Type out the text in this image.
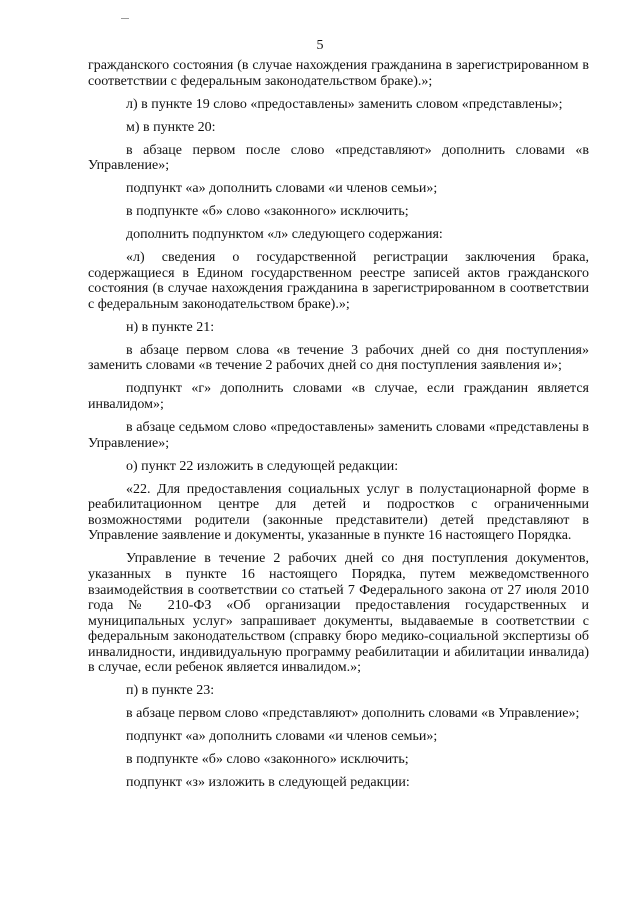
5

гражданского состояния (в случае нахождения гражданина в зарегистрированном в соответствии с федеральным законодательством браке).»;

л) в пункте 19 слово «предоставлены» заменить словом «представлены»;

м) в пункте 20:

в абзаце первом после слово «представляют» дополнить словами «в Управление»;

подпункт «а» дополнить словами «и членов семьи»;

в подпункте «б» слово «законного» исключить;

дополнить подпунктом «л» следующего содержания:

«л) сведения о государственной регистрации заключения брака, содержащиеся в Едином государственном реестре записей актов гражданского состояния (в случае нахождения гражданина в зарегистрированном в соответствии с федеральным законодательством браке).»;

н) в пункте 21:

в абзаце первом слова «в течение 3 рабочих дней со дня поступления» заменить словами «в течение 2 рабочих дней со дня поступления заявления и»;

подпункт «г» дополнить словами «в случае, если гражданин является инвалидом»;

в абзаце седьмом слово «предоставлены» заменить словами «представлены в Управление»;

о) пункт 22 изложить в следующей редакции:

«22. Для предоставления социальных услуг в полустационарной форме в реабилитационном центре для детей и подростков с ограниченными возможностями родители (законные представители) детей представляют в Управление заявление и документы, указанные в пункте 16 настоящего Порядка.

Управление в течение 2 рабочих дней со дня поступления документов, указанных в пункте 16 настоящего Порядка, путем межведомственного взаимодействия в соответствии со статьей 7 Федерального закона от 27 июля 2010 года № 210-ФЗ «Об организации предоставления государственных и муниципальных услуг» запрашивает документы, выдаваемые в соответствии с федеральным законодательством (справку бюро медико-социальной экспертизы об инвалидности, индивидуальную программу реабилитации и абилитации инвалида) в случае, если ребенок является инвалидом.»;

п) в пункте 23:

в абзаце первом слово «представляют» дополнить словами «в Управление»;

подпункт «а» дополнить словами «и членов семьи»;

в подпункте «б» слово «законного» исключить;

подпункт «з» изложить в следующей редакции:
